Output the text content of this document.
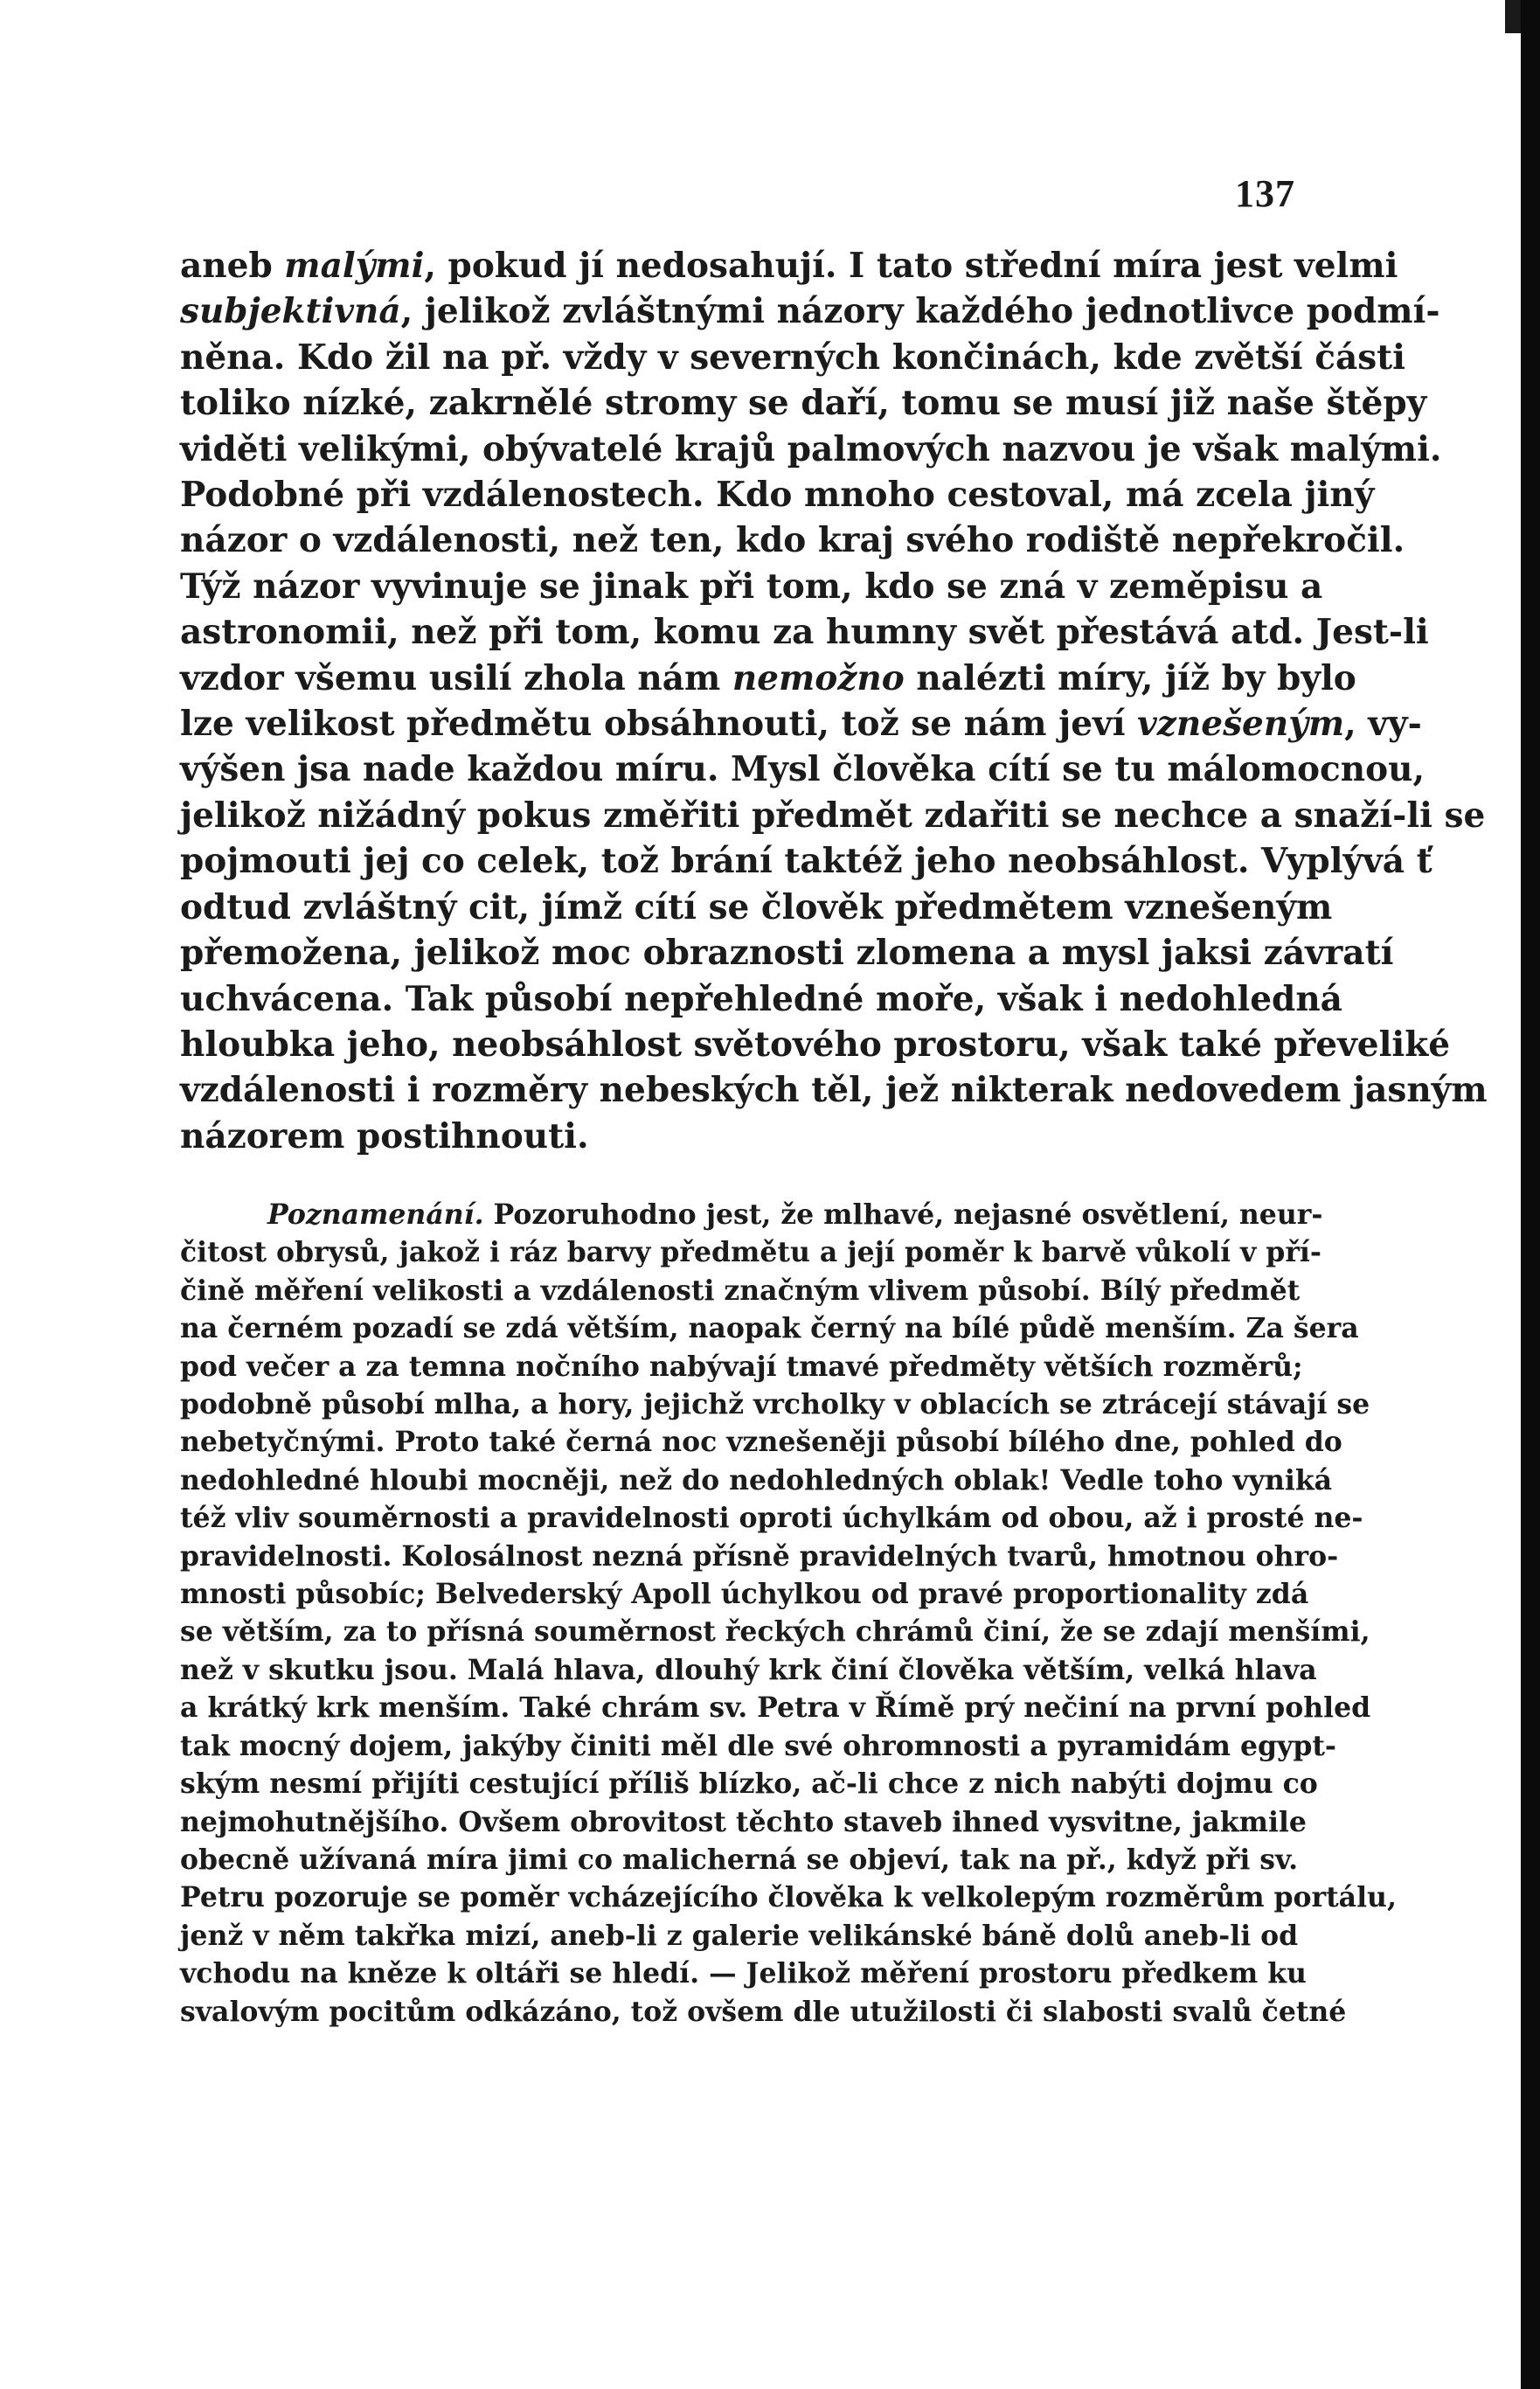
137
aneb malými, pokud jí nedosahují. I tato střední míra jest velmi
subjektivná, jelikož zvláštnými názory každého jednotlivce podmí-
něna. Kdo žil na př. vždy v severných končinách, kde zvětší části
toliko nízké, zakrnělé stromy se daří, tomu se musí již naše štěpy
viděti velikými, obývatelé krajů palmových nazvou je však malými.
Podobné při vzdálenostech. Kdo mnoho cestoval, má zcela jiný
názor o vzdálenosti, než ten, kdo kraj svého rodiště nepřekročil.
Týž názor vyvinuje se jinak při tom, kdo se zná v zeměpisu a
astronomii, než při tom, komu za humny svět přestává atd. Jest-li
vzdor všemu usilí zhola nám nemožno nalézti míry, jíž by bylo
lze velikost předmětu obsáhnouti, tož se nám jeví vznešeným, vy-
výšen jsa nade každou míru. Mysl člověka cítí se tu málomocnou,
jelikož nižádný pokus změřiti předmět zdařiti se nechce a snaží-li se
pojmouti jej co celek, tož brání taktéž jeho neobsáhlost. Vyplývá ť
odtud zvláštný cit, jímž cítí se člověk předmětem vznešeným
přemožena, jelikož moc obraznosti zlomena a mysl jaksi závratí
uchvácena. Tak působí nepřehledné moře, však i nedohledná
hloubka jeho, neobsáhlost světového prostoru, však také převeliké
vzdálenosti i rozměry nebeských těl, jež nikterak nedovedem jasným
názorem postihnouti.
Poznamenání. Pozoruhodno jest, že mlhavé, nejasné osvětlení, neur-
čitost obrysů, jakož i ráz barvy předmětu a její poměr k barvě vůkolí v pří-
čině měření velikosti a vzdálenosti značným vlivem působí. Bílý předmět
na černém pozadí se zdá větším, naopak černý na bílé půdě menším. Za šera
pod večer a za temna nočního nabývají tmavé předměty větších rozměrů;
podobně působí mlha, a hory, jejichž vrcholky v oblacích se ztrácejí stávají se
nebetyčnými. Proto také černá noc vznešeněji působí bílého dne, pohled do
nedohledné hloubi mocněji, než do nedohledných oblak! Vedle toho vyniká
též vliv souměrnosti a pravidelnosti oproti úchylkám od obou, až i prosté ne-
pravidelnosti. Kolosálnost nezná přísně pravidelných tvarů, hmotnou ohro-
mnosti působíc; Belvederský Apoll úchylkou od pravé proportionality zdá
se větším, za to přísná souměrnost řeckých chrámů činí, že se zdají menšími,
než v skutku jsou. Malá hlava, dlouhý krk činí člověka větším, velká hlava
a krátký krk menším. Také chrám sv. Petra v Římě prý nečiní na první pohled
tak mocný dojem, jakýby činiti měl dle své ohromnosti a pyramidám egypt-
ským nesmí přijíti cestující příliš blízko, ač-li chce z nich nabýti dojmu co
nejmohutnějšího. Ovšem obrovitost těchto staveb ihned vysvitne, jakmile
obecně užívaná míra jimi co malicherná se objeví, tak na př., když při sv.
Petru pozoruje se poměr vcházejícího člověka k velkolepým rozměrům portálu,
jenž v něm takřka mizí, aneb-li z galerie velikánské báně dolů aneb-li od
vchodu na kněze k oltáři se hledí. — Jelikož měření prostoru předkem ku
svalovým pocitům odkázáno, tož ovšem dle utužilosti či slabosti svalů četné
